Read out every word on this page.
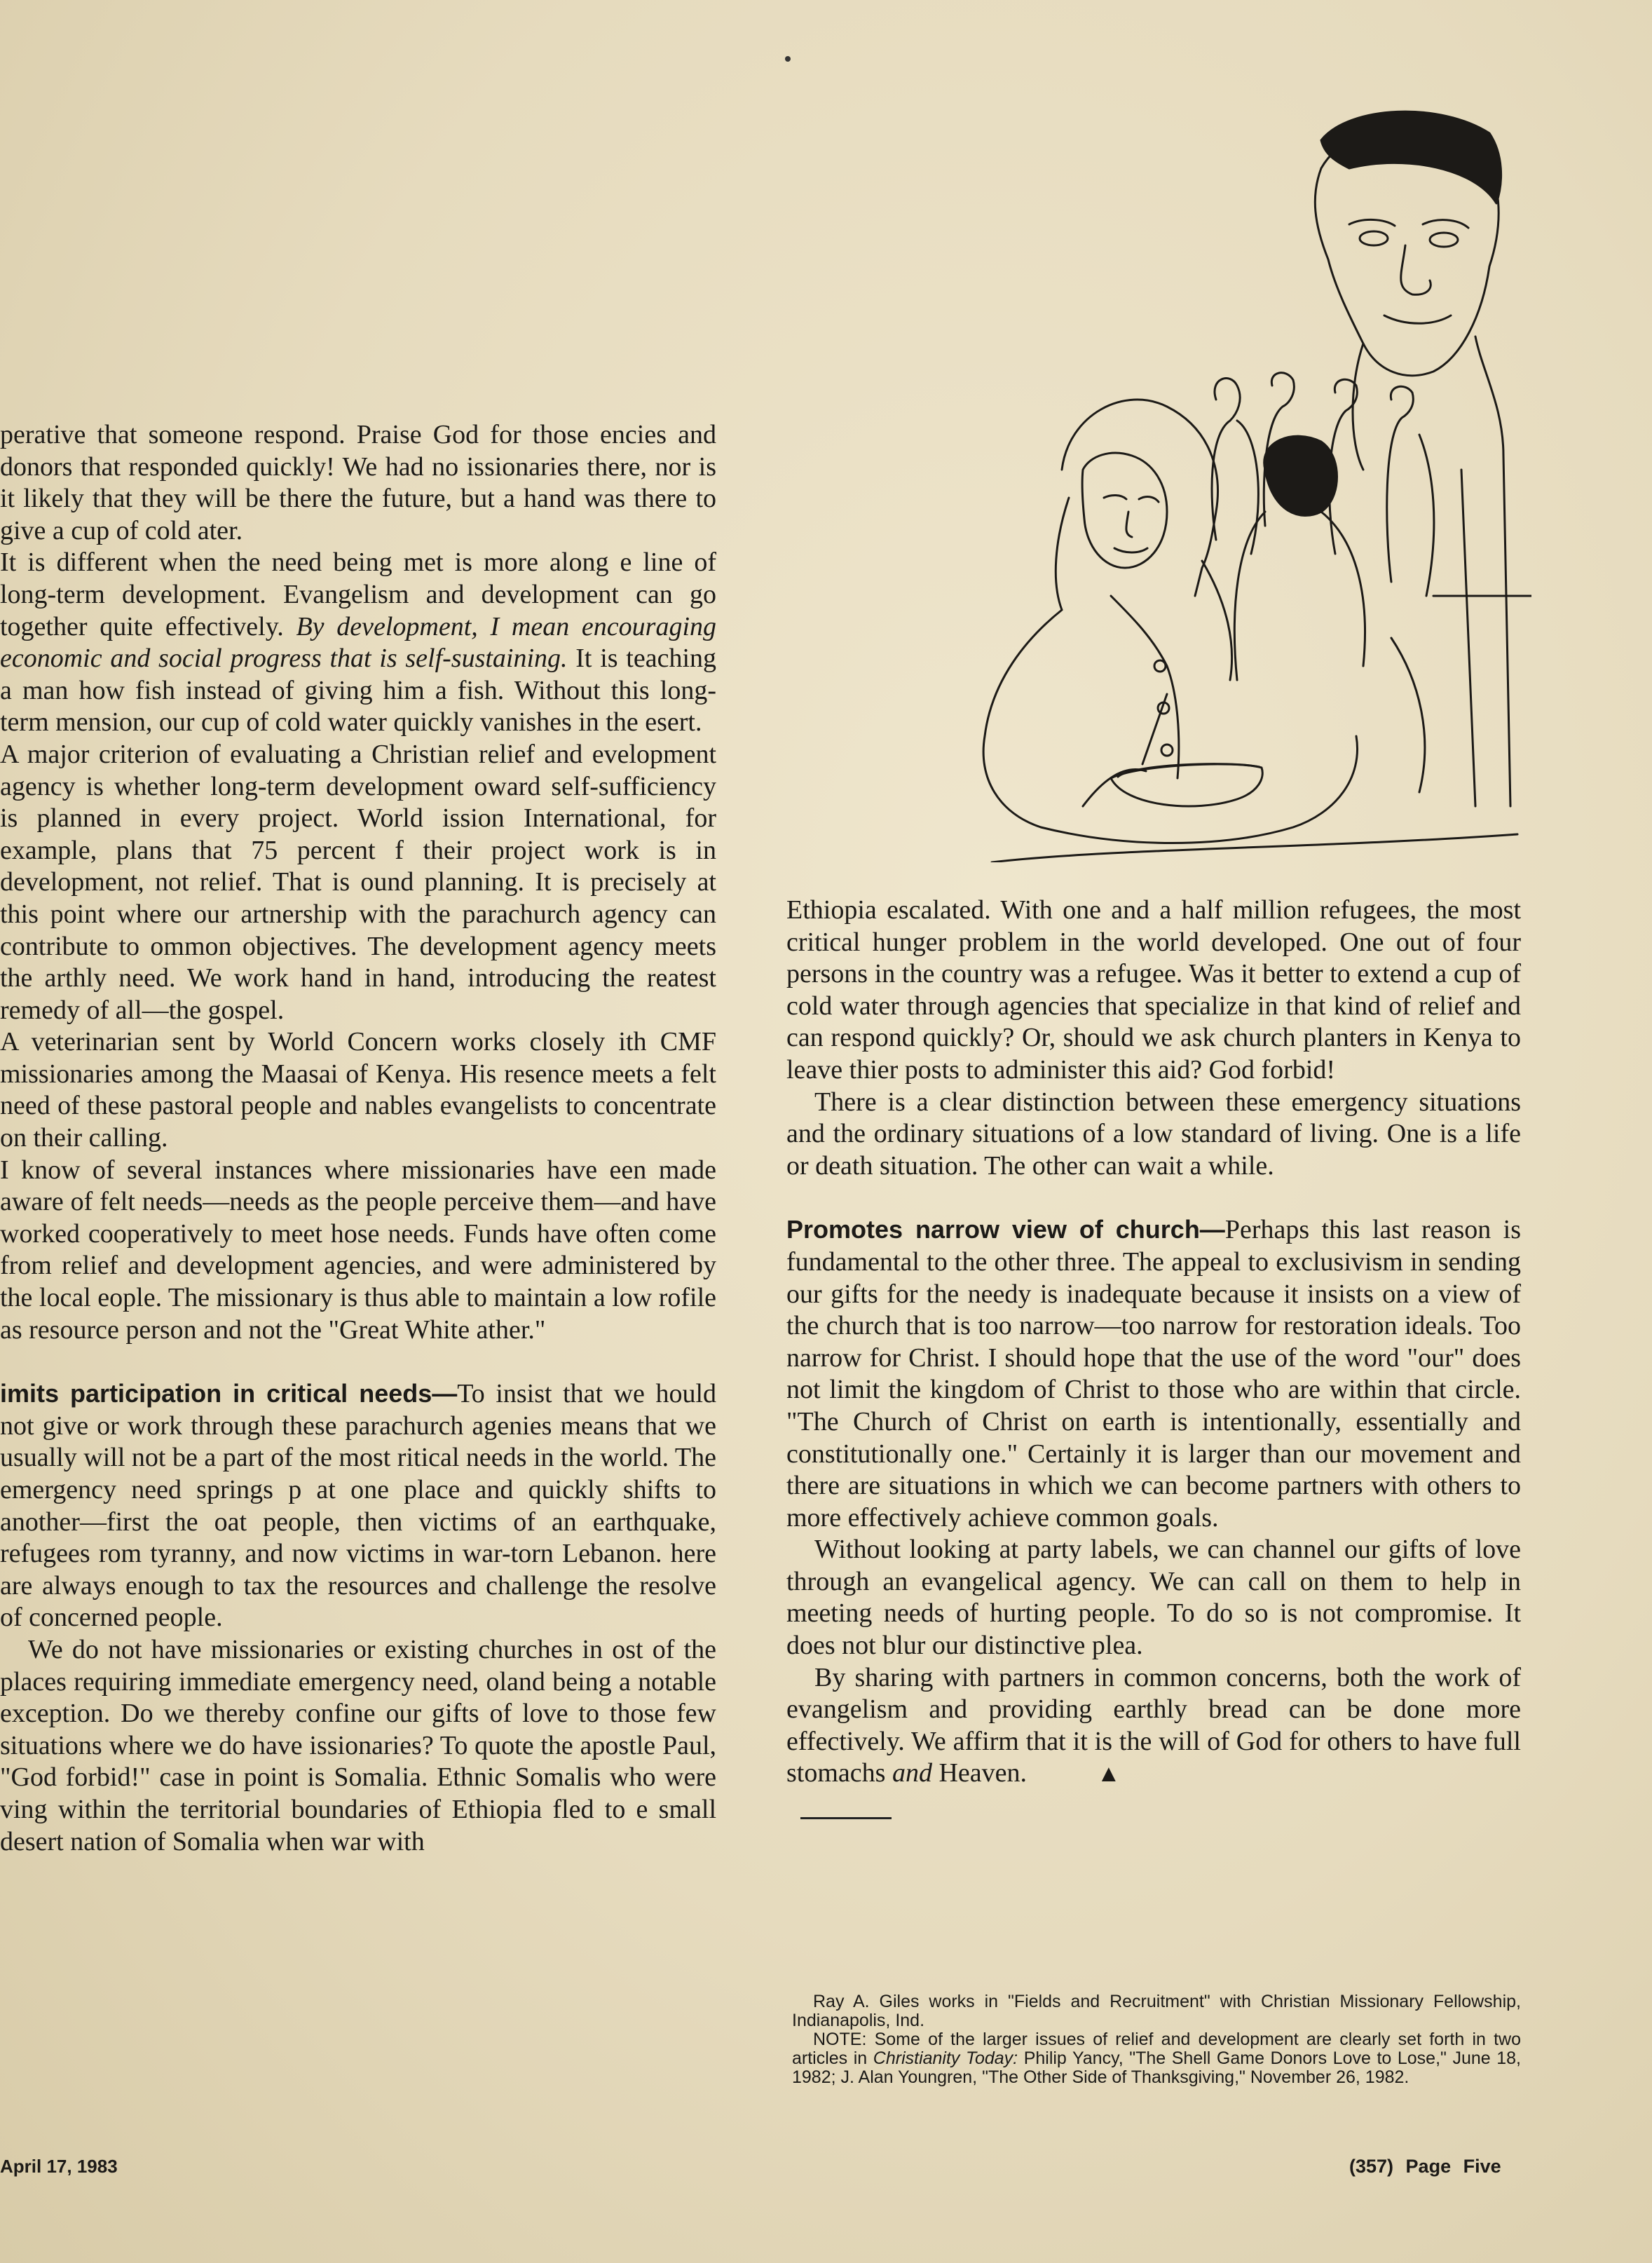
perative that someone respond. Praise God for those encies and donors that responded quickly! We had no issionaries there, nor is it likely that they will be there the future, but a hand was there to give a cup of cold ater.

It is different when the need being met is more along e line of long-term development. Evangelism and development can go together quite effectively. By development, I mean encouraging economic and social progress that is self-sustaining. It is teaching a man how fish instead of giving him a fish. Without this long-term mension, our cup of cold water quickly vanishes in the esert.

A major criterion of evaluating a Christian relief and evelopment agency is whether long-term development oward self-sufficiency is planned in every project. World ission International, for example, plans that 75 percent f their project work is in development, not relief. That is ound planning. It is precisely at this point where our artnership with the parachurch agency can contribute to ommon objectives. The development agency meets the arthly need. We work hand in hand, introducing the reatest remedy of all—the gospel.

A veterinarian sent by World Concern works closely ith CMF missionaries among the Maasai of Kenya. His resence meets a felt need of these pastoral people and nables evangelists to concentrate on their calling.

I know of several instances where missionaries have een made aware of felt needs—needs as the people perceive them—and have worked cooperatively to meet hose needs. Funds have often come from relief and development agencies, and were administered by the local eople. The missionary is thus able to maintain a low rofile as resource person and not the "Great White ather."

imits participation in critical needs—To insist that we hould not give or work through these parachurch agenies means that we usually will not be a part of the most ritical needs in the world. The emergency need springs p at one place and quickly shifts to another—first the oat people, then victims of an earthquake, refugees rom tyranny, and now victims in war-torn Lebanon. here are always enough to tax the resources and challenge the resolve of concerned people.

We do not have missionaries or existing churches in ost of the places requiring immediate emergency need, oland being a notable exception. Do we thereby confine our gifts of love to those few situations where we do have issionaries? To quote the apostle Paul, "God forbid!" case in point is Somalia. Ethnic Somalis who were ving within the territorial boundaries of Ethiopia fled to e small desert nation of Somalia when war with

Ethiopia escalated. With one and a half million refugees, the most critical hunger problem in the world developed. One out of four persons in the country was a refugee. Was it better to extend a cup of cold water through agencies that specialize in that kind of relief and can respond quickly? Or, should we ask church planters in Kenya to leave thier posts to administer this aid? God forbid!

There is a clear distinction between these emergency situations and the ordinary situations of a low standard of living. One is a life or death situation. The other can wait a while.

Promotes narrow view of church—Perhaps this last reason is fundamental to the other three. The appeal to exclusivism in sending our gifts for the needy is inadequate because it insists on a view of the church that is too narrow—too narrow for restoration ideals. Too narrow for Christ. I should hope that the use of the word "our" does not limit the kingdom of Christ to those who are within that circle. "The Church of Christ on earth is intentionally, essentially and constitutionally one." Certainly it is larger than our movement and there are situations in which we can become partners with others to more effectively achieve common goals.

Without looking at party labels, we can channel our gifts of love through an evangelical agency. We can call on them to help in meeting needs of hurting people. To do so is not compromise. It does not blur our distinctive plea.

By sharing with partners in common concerns, both the work of evangelism and providing earthly bread can be done more effectively. We affirm that it is the will of God for others to have full stomachs and Heaven.	▲

Ray A. Giles works in "Fields and Recruitment" with Christian Missionary Fellowship, Indianapolis, Ind.

NOTE: Some of the larger issues of relief and development are clearly set forth in two articles in Christianity Today: Philip Yancy, "The Shell Game Donors Love to Lose," June 18, 1982; J. Alan Youngren, "The Other Side of Thanksgiving," November 26, 1982.

April 17, 1983	(357) Page Five
